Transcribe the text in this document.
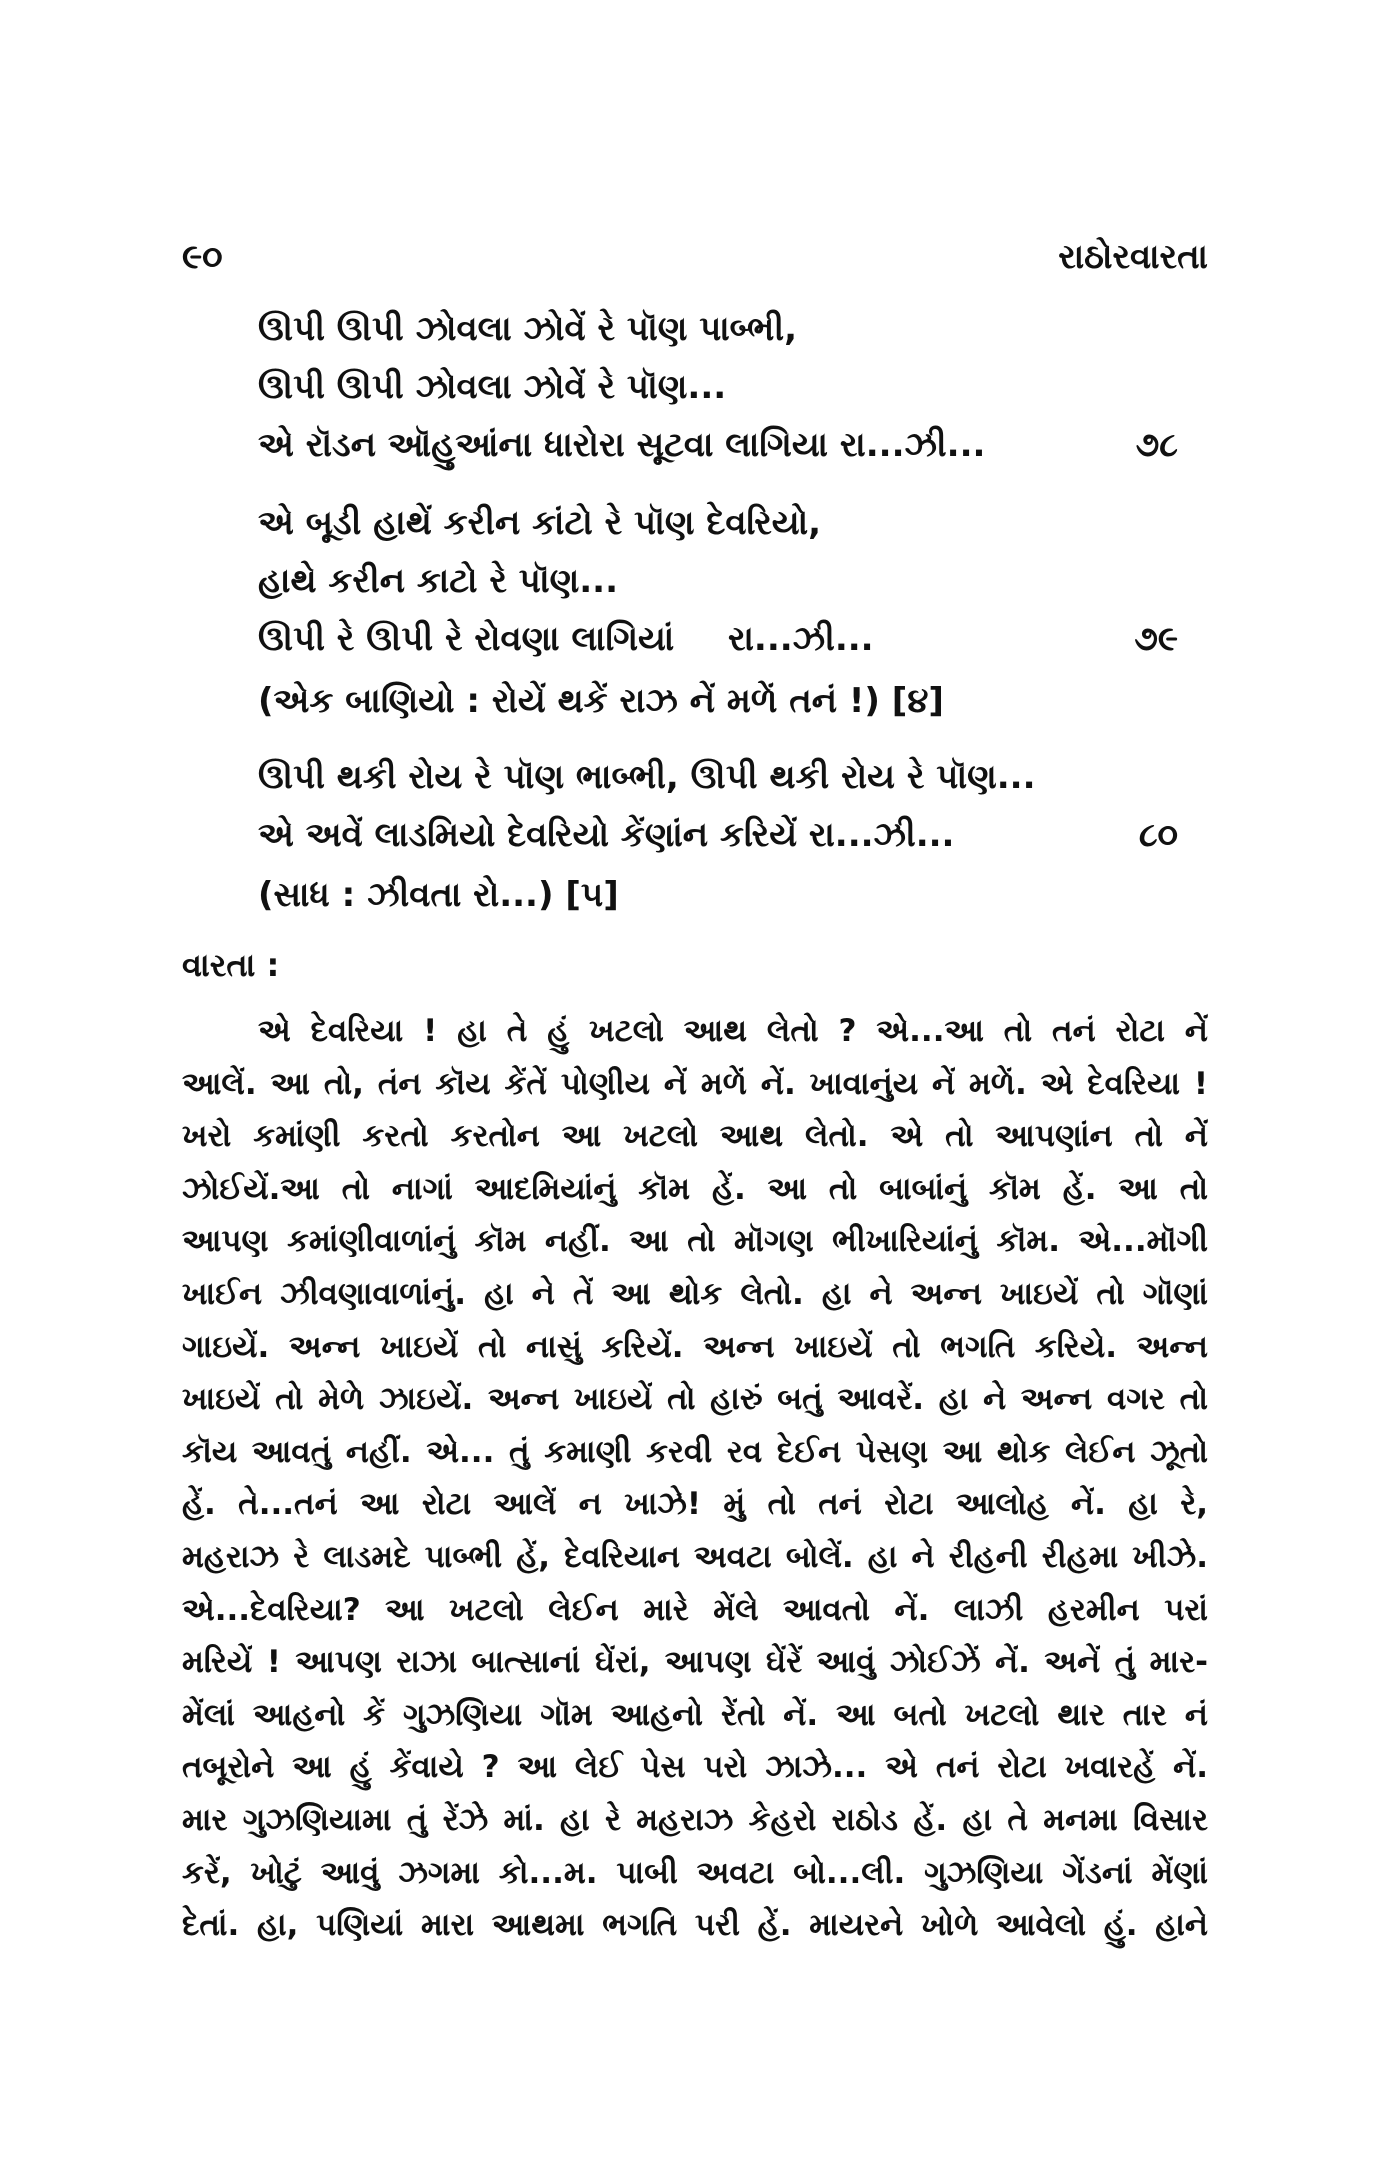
૯૦	રાઠોરવારતા
ઊપી ઊપી ઝોવલા ઝોવેં રે પૉણ પાબ્ભી,
ઊપી ઊપી ઝોવલા ઝોવેં રે પૉણ...
એ રૉડન ઑહુઆંના ધારોરા સૂટવા લાગિયા રા...ઝી...	૭૮
એ બૂડી હાથેં કરીન કાંટો રે પૉણ દેવરિયો,
હાથે કરીન કાટો રે પૉણ...
ઊપી રે ઊપી રે રોવણા લાગિયાં રા...ઝી...	૭૯
(એક બાણિયો : રોયેં થકેં રાઝ નેં મળેં તનં !) [૪]
ઊપી થકી રોય રે પૉણ ભાબ્ભી, ઊપી થકી રોય રે પૉણ...
એ અવેં લાડમિયો દેવરિયો કેંણાંન કરિયેં રા...ઝી...	૮૦
(સાધ : ઝીવતા રો...) [૫]
વારતા :
એ દેવરિયા ! હા તે હું ખટલો આથ લેતો ? એ...આ તો તનં રોટા નેં
આલેં. આ તો, તંન કૉય કેંતેં પોણીય નેં મળેં નેં. ખાવાનુંય નેં મળેં. એ દેવરિયા !
ખરો કમાંણી કરતો કરતોન આ ખટલો આથ લેતો. એ તો આપણાંન તો નેં
ઝોઈયેં.આ તો નાગાં આદમિયાંનું કૉમ હેં. આ તો બાબાંનું કૉમ હેં. આ તો
આપણ કમાંણીવાળાંનું કૉમ નહીં. આ તો મૉગણ ભીખારિયાંનું કૉમ. એ...મૉગી
ખાઈન ઝીવણાવાળાંનું. હા ને તેં આ થોક લેતો. હા ને અન્ન ખાઇયેં તો ગૉણાં
ગાઇયેં. અન્ન ખાઇયેં તો નાસું કરિયેં. અન્ન ખાઇયેં તો ભગતિ કરિયે. અન્ન
ખાઇયેં તો મેળે ઝાઇયેં. અન્ન ખાઇયેં તો હારું બતું આવરેં. હા ને અન્ન વગર તો
કૉય આવતું નહીં. એ... તું કમાણી કરવી રવ દેઈન પેસણ આ થોક લેઈન ઝૂતો
હેં. તે...તનં આ રોટા આલેં ન ખાઝે! મું તો તનં રોટા આલોહ નેં. હા રે,
મહરાઝ રે લાડમદે પાબ્ભી હેં, દેવરિયાન અવટા બોલેં. હા ને રીહની રીહમા ખીઝે.
એ...દેવરિયા? આ ખટલો લેઈન મારે મેંલે આવતો નેં. લાઝી હરમીન પરાં
મરિયેં ! આપણ રાઝા બાત્સાનાં ઘેંરાં, આપણ ઘેંરેં આવું ઝોઈઝેં નેં. અનેં તું માર-
મેંલાં આહનો કેં ગુઝણિયા ગૉમ આહનો રેંતો નેં. આ બતો ખટલો થાર તાર નં
તબૂરોને આ હું કેંવાયે ? આ લેઈ પેસ પરો ઝાઝે... એ તનં રોટા ખવારહેં નેં.
માર ગુઝણિયામા તું રેંઝે માં. હા રે મહરાઝ કેહરો રાઠોડ હેં. હા તે મનમા વિસાર
કરેં, ખોટું આવું ઝગમા કો...મ. પાબી અવટા બો...લી. ગુઝણિયા ગેંડનાં મેંણાં
દેતાં. હા, પણિયાં મારા આથમા ભગતિ પરી હેં. માયરને ખોળે આવેલો હું. હાને
